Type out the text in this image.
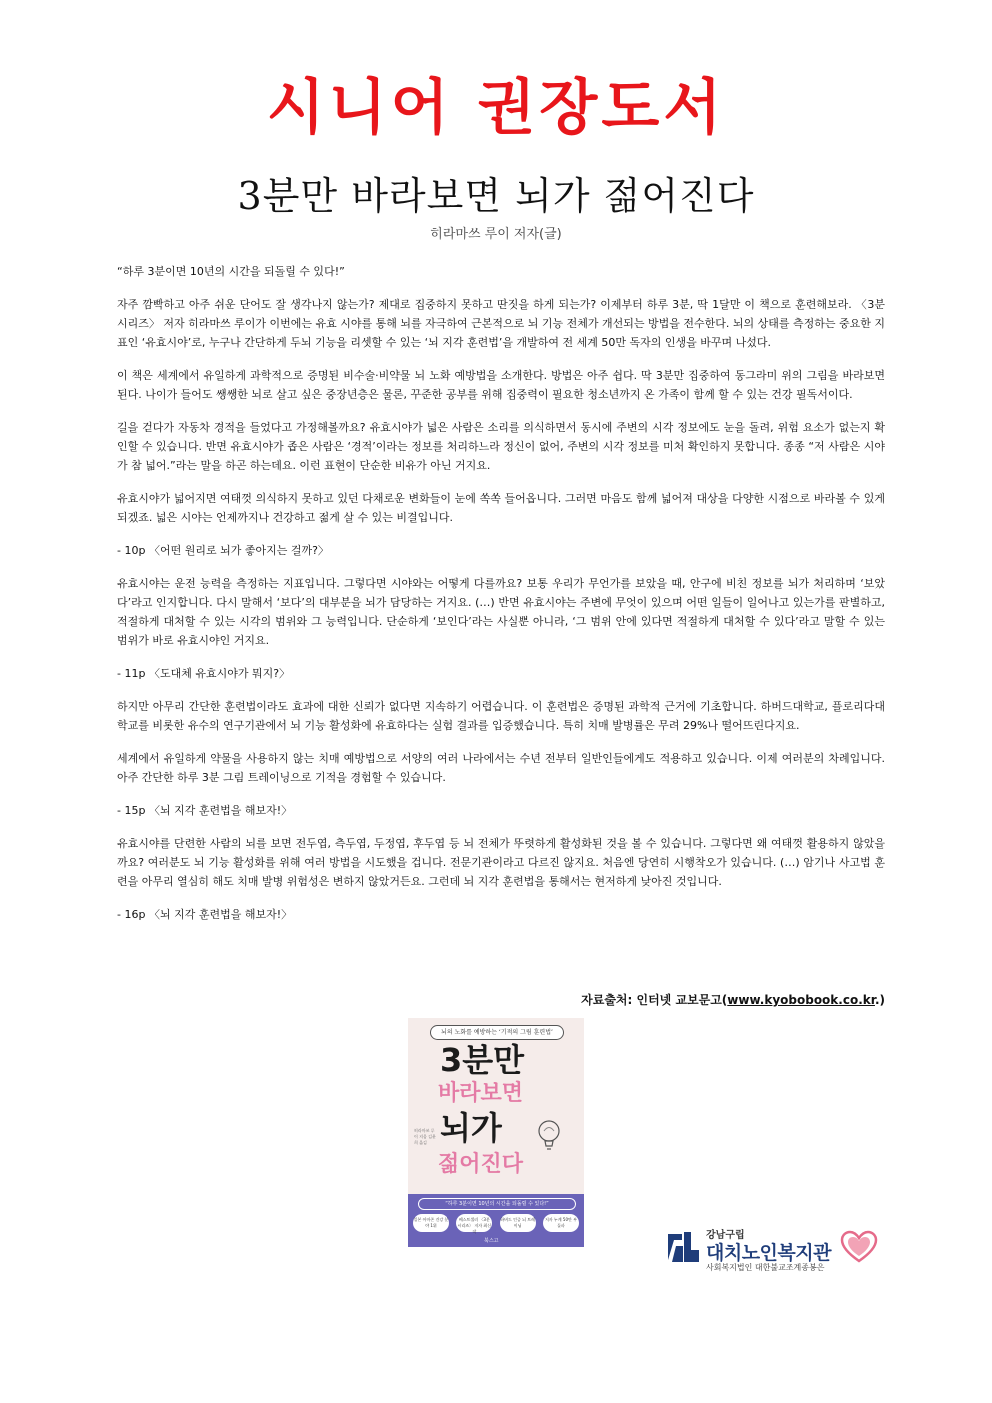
시니어 권장도서
3분만 바라보면 뇌가 젊어진다
히라마쓰 루이 저자(글)

“하루 3분이면 10년의 시간을 되돌릴 수 있다!”

자주 깜빡하고 아주 쉬운 단어도 잘 생각나지 않는가? 제대로 집중하지 못하고 딴짓을 하게 되는가? 이제부터 하루 3분, 딱 1달만 이 책으로 훈련해보라. 〈3분 시리즈〉 저자 히라마쓰 루이가 이번에는 유효 시야를 통해 뇌를 자극하여 근본적으로 뇌 기능 전체가 개선되는 방법을 전수한다. 뇌의 상태를 측정하는 중요한 지표인 ‘유효시야’로, 누구나 간단하게 두뇌 기능을 리셋할 수 있는 ‘뇌 지각 훈련법’을 개발하여 전 세계 50만 독자의 인생을 바꾸며 나섰다.

이 책은 세계에서 유일하게 과학적으로 증명된 비수술·비약물 뇌 노화 예방법을 소개한다. 방법은 아주 쉽다. 딱 3분만 집중하여 동그라미 위의 그림을 바라보면 된다. 나이가 들어도 쌩쌩한 뇌로 살고 싶은 중장년층은 물론, 꾸준한 공부를 위해 집중력이 필요한 청소년까지 온 가족이 함께 할 수 있는 건강 필독서이다.

길을 걷다가 자동차 경적을 들었다고 가정해볼까요? 유효시야가 넓은 사람은 소리를 의식하면서 동시에 주변의 시각 정보에도 눈을 돌려, 위험 요소가 없는지 확인할 수 있습니다. 반면 유효시야가 좁은 사람은 ‘경적’이라는 정보를 처리하느라 정신이 없어, 주변의 시각 정보를 미처 확인하지 못합니다. 종종 “저 사람은 시야가 참 넓어.”라는 말을 하곤 하는데요. 이런 표현이 단순한 비유가 아닌 거지요.

유효시야가 넓어지면 여태껏 의식하지 못하고 있던 다채로운 변화들이 눈에 쏙쏙 들어옵니다. 그러면 마음도 함께 넓어져 대상을 다양한 시점으로 바라볼 수 있게 되겠죠. 넓은 시야는 언제까지나 건강하고 젊게 살 수 있는 비결입니다.

- 10p 〈어떤 원리로 뇌가 좋아지는 걸까?〉

유효시야는 운전 능력을 측정하는 지표입니다. 그렇다면 시야와는 어떻게 다를까요? 보통 우리가 무언가를 보았을 때, 안구에 비친 정보를 뇌가 처리하며 ‘보았다’라고 인지합니다. 다시 말해서 ‘보다’의 대부분을 뇌가 담당하는 거지요. (…) 반면 유효시야는 주변에 무엇이 있으며 어떤 일들이 일어나고 있는가를 판별하고, 적절하게 대처할 수 있는 시각의 범위와 그 능력입니다. 단순하게 ‘보인다’라는 사실뿐 아니라, ‘그 범위 안에 있다면 적절하게 대처할 수 있다’라고 말할 수 있는 범위가 바로 유효시야인 거지요.

- 11p 〈도대체 유효시야가 뭐지?〉

하지만 아무리 간단한 훈련법이라도 효과에 대한 신뢰가 없다면 지속하기 어렵습니다. 이 훈련법은 증명된 과학적 근거에 기초합니다. 하버드대학교, 플로리다대학교를 비롯한 유수의 연구기관에서 뇌 기능 활성화에 유효하다는 실험 결과를 입증했습니다. 특히 치매 발병률은 무려 29%나 떨어뜨린다지요.

세계에서 유일하게 약물을 사용하지 않는 치매 예방법으로 서양의 여러 나라에서는 수년 전부터 일반인들에게도 적용하고 있습니다. 이제 여러분의 차례입니다. 아주 간단한 하루 3분 그림 트레이닝으로 기적을 경험할 수 있습니다.

- 15p 〈뇌 지각 훈련법을 해보자!〉

유효시야를 단련한 사람의 뇌를 보면 전두엽, 측두엽, 두정엽, 후두엽 등 뇌 전체가 뚜렷하게 활성화된 것을 볼 수 있습니다. 그렇다면 왜 여태껏 활용하지 않았을까요? 여러분도 뇌 기능 활성화를 위해 여러 방법을 시도했을 겁니다. 전문기관이라고 다르진 않지요. 처음엔 당연히 시행착오가 있습니다. (…) 암기나 사고법 훈련을 아무리 열심히 해도 치매 발병 위험성은 변하지 않았거든요. 그런데 뇌 지각 훈련법을 통해서는 현저하게 낮아진 것입니다.

- 16p 〈뇌 지각 훈련법을 해보자!〉

자료출처: 인터넷 교보문고(www.kyobobook.co.kr.)
뇌의 노화를 예방하는 ‘기적의 그림 훈련법’
3분만
바라보면
뇌가
젊어진다
히라마쓰 루이 지음 김윤희 옮김
“하루 3분이면 10년의 시간을 되돌릴 수 있다!”
일본 아마존 건강 분야 1위
베스트셀러 〈3분 시리즈〉 저자 최신작
하버드 인증 뇌 트레이닝
저자 누계 50만 부 돌파
북스고	강남구립
대치노인복지관
사회복지법인 대한불교조계종봉은
